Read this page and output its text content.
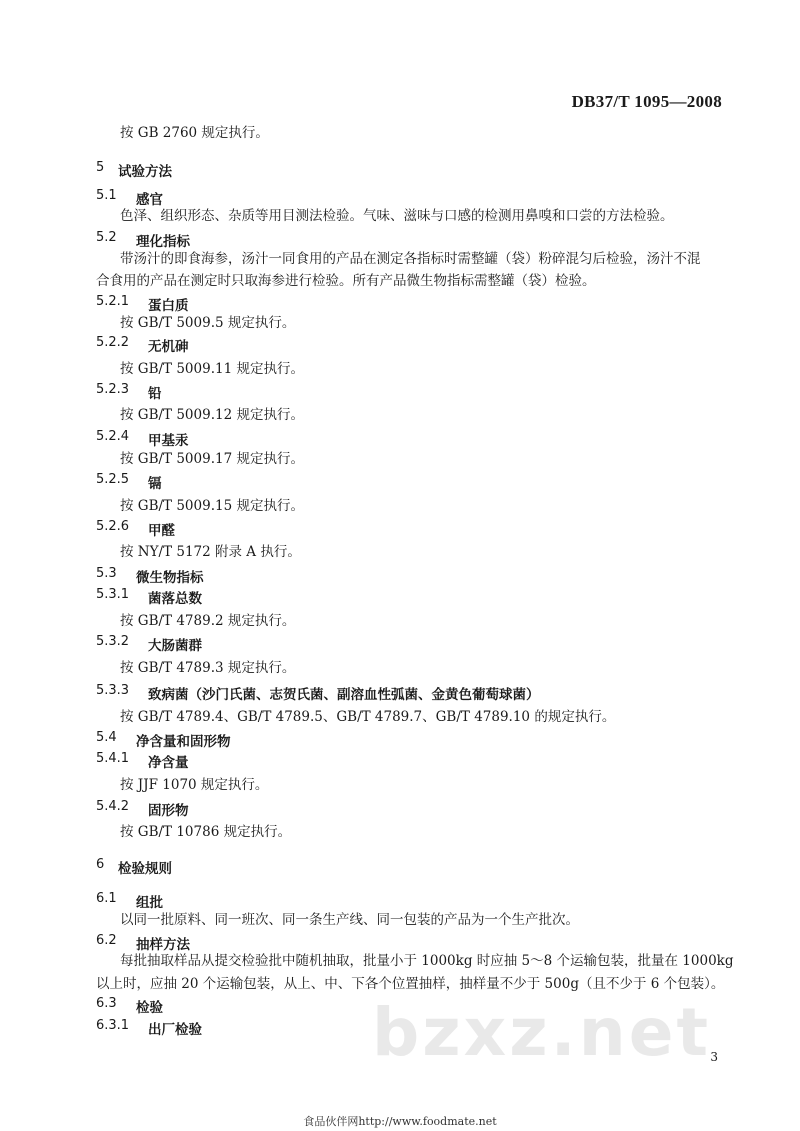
DB37/T 1095—2008
按 GB 2760 规定执行。
5 试验方法
5.1 感官
色泽、组织形态、杂质等用目测法检验。气味、滋味与口感的检测用鼻嗅和口尝的方法检验。
5.2 理化指标
带汤汁的即食海参，汤汁一同食用的产品在测定各指标时需整罐（袋）粉碎混匀后检验，汤汁不混
合食用的产品在测定时只取海参进行检验。所有产品微生物指标需整罐（袋）检验。
5.2.1 蛋白质
按 GB/T 5009.5 规定执行。
5.2.2 无机砷
按 GB/T 5009.11 规定执行。
5.2.3 铅
按 GB/T 5009.12 规定执行。
5.2.4 甲基汞
按 GB/T 5009.17 规定执行。
5.2.5 镉
按 GB/T 5009.15 规定执行。
5.2.6 甲醛
按 NY/T 5172 附录 A 执行。
5.3 微生物指标
5.3.1 菌落总数
按 GB/T 4789.2 规定执行。
5.3.2 大肠菌群
按 GB/T 4789.3 规定执行。
5.3.3 致病菌（沙门氏菌、志贺氏菌、副溶血性弧菌、金黄色葡萄球菌）
按 GB/T 4789.4、GB/T 4789.5、GB/T 4789.7、GB/T 4789.10 的规定执行。
5.4 净含量和固形物
5.4.1 净含量
按 JJF 1070 规定执行。
5.4.2 固形物
按 GB/T 10786 规定执行。
6 检验规则
6.1 组批
以同一批原料、同一班次、同一条生产线、同一包装的产品为一个生产批次。
6.2 抽样方法
每批抽取样品从提交检验批中随机抽取，批量小于 1000kg 时应抽 5～8 个运输包装，批量在 1000kg
以上时，应抽 20 个运输包装，从上、中、下各个位置抽样，抽样量不少于 500g（且不少于 6 个包装）。
6.3 检验
6.3.1 出厂检验	bzxz.net 3
食品伙伴网http://www.foodmate.net
